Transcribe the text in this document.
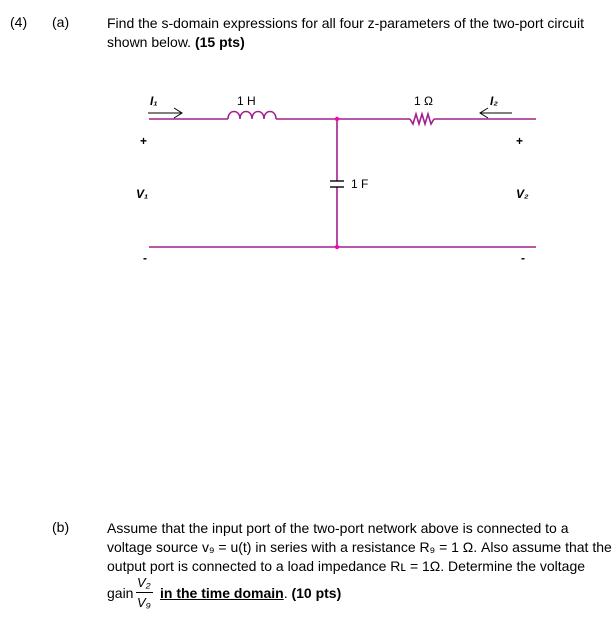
(4) (a)	Find the s-domain expressions for all four z-parameters of the two-port circuit
shown below. (15 pts)
I₁	1 H	1 Ω	I₂
+
V₁
-
+
V₂
-
1 F
(b)	Assume that the input port of the two-port network above is connected to a
voltage source v₉ = u(t) in series with a resistance R₉ = 1 Ω. Also assume that the
output port is connected to a load impedance Rʟ = 1Ω. Determine the voltage
gain
V₂
V₉
in the time domain. (10 pts)
